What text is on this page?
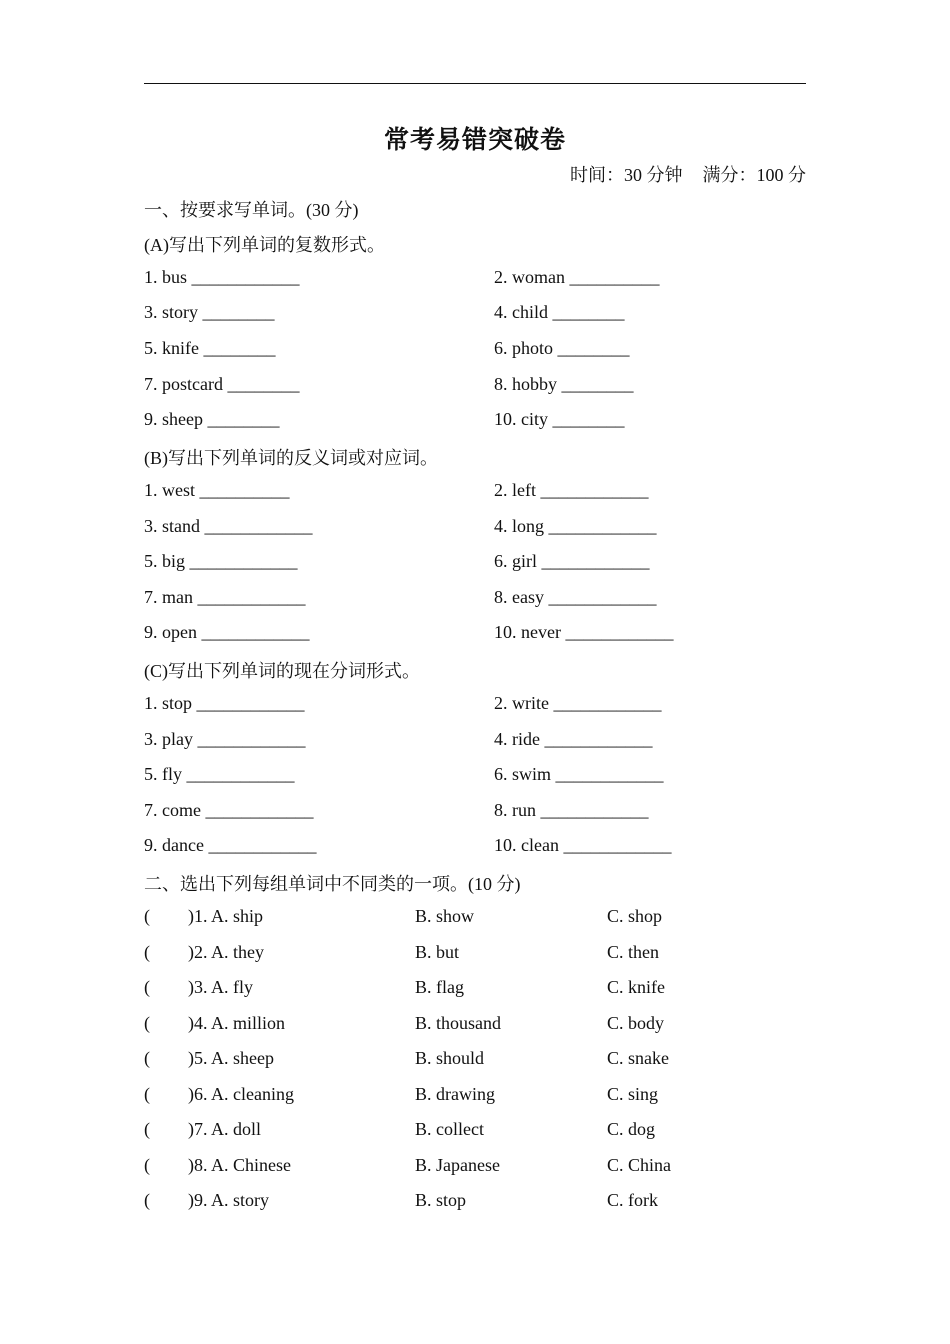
常考易错突破卷
时间：30 分钟 满分：100 分
一、按要求写单词。(30 分)
(A)写出下列单词的复数形式。
1. bus ____________	2. woman __________
3. story ________	4. child ________
5. knife ________	6. photo ________
7. postcard ________	8. hobby ________
9. sheep ________	10. city ________
(B)写出下列单词的反义词或对应词。
1. west __________	2. left ____________
3. stand ____________	4. long ____________
5. big ____________	6. girl ____________
7. man ____________	8. easy ____________
9. open ____________	10. never ____________
(C)写出下列单词的现在分词形式。
1. stop ____________	2. write ____________
3. play ____________	4. ride ____________
5. fly ____________	6. swim ____________
7. come ____________	8. run ____________
9. dance ____________	10. clean ____________
二、选出下列每组单词中不同类的一项。(10 分)
( )1. A. ship	B. show	C. shop
( )2. A. they	B. but	C. then
( )3. A. fly	B. flag	C. knife
( )4. A. million	B. thousand	C. body
( )5. A. sheep	B. should	C. snake
( )6. A. cleaning	B. drawing	C. sing
( )7. A. doll	B. collect	C. dog
( )8. A. Chinese	B. Japanese	C. China
( )9. A. story	B. stop	C. fork
